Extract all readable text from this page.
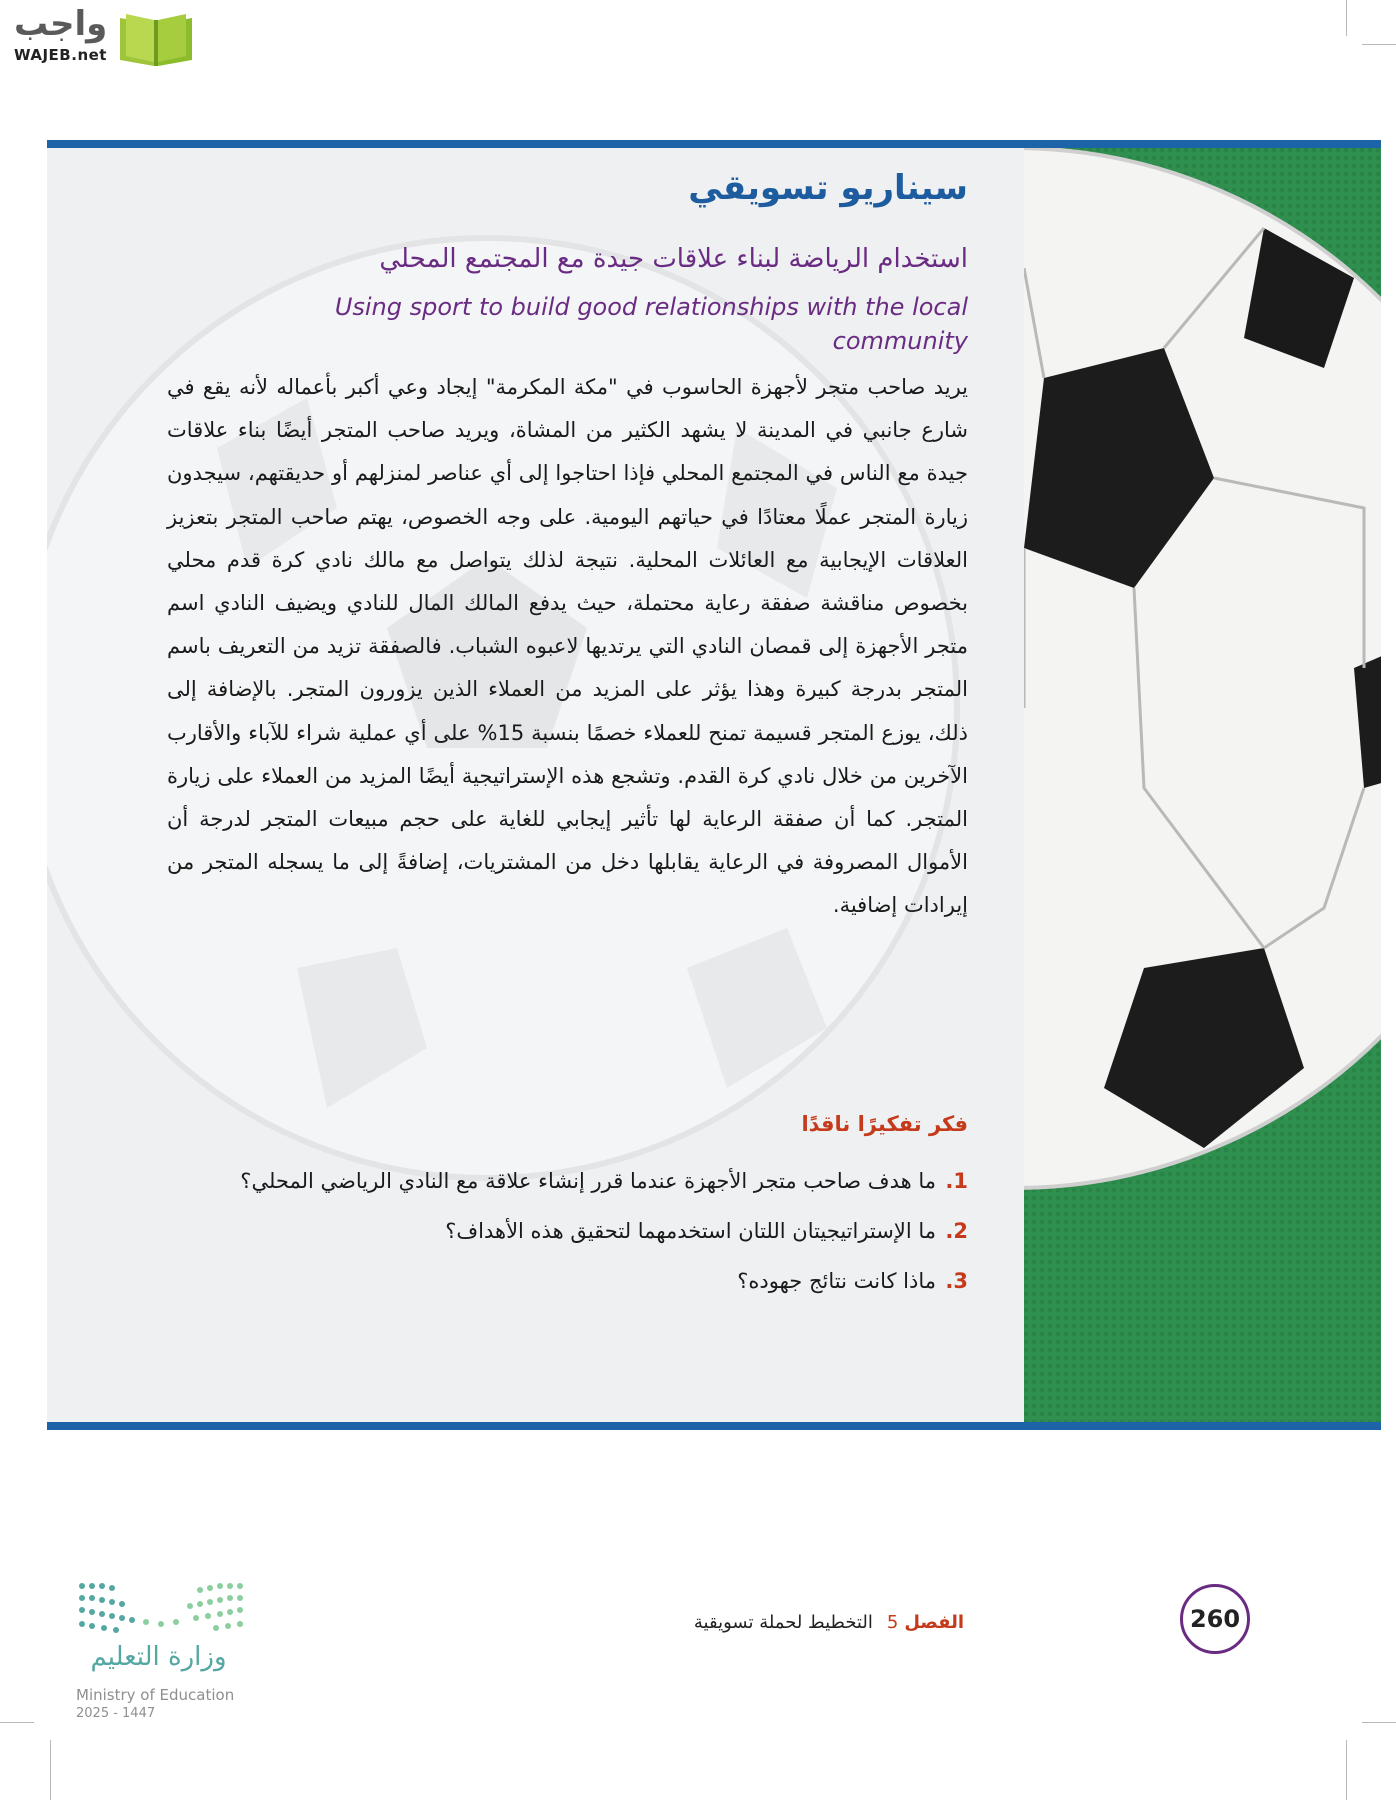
واجب
WAJEB.net
سيناريو تسويقي
استخدام الرياضة لبناء علاقات جيدة مع المجتمع المحلي
Using sport to build good relationships with the local community
يريد صاحب متجر لأجهزة الحاسوب في "مكة المكرمة" إيجاد وعي أكبر بأعماله لأنه يقع في شارع جانبي في المدينة لا يشهد الكثير من المشاة، ويريد صاحب المتجر أيضًا بناء علاقات جيدة مع الناس في المجتمع المحلي فإذا احتاجوا إلى أي عناصر لمنزلهم أو حديقتهم، سيجدون زيارة المتجر عملًا معتادًا في حياتهم اليومية. على وجه الخصوص، يهتم صاحب المتجر بتعزيز العلاقات الإيجابية مع العائلات المحلية. نتيجة لذلك يتواصل مع مالك نادي كرة قدم محلي بخصوص مناقشة صفقة رعاية محتملة، حيث يدفع المالك المال للنادي ويضيف النادي اسم متجر الأجهزة إلى قمصان النادي التي يرتديها لاعبوه الشباب. فالصفقة تزيد من التعريف باسم المتجر بدرجة كبيرة وهذا يؤثر على المزيد من العملاء الذين يزورون المتجر. بالإضافة إلى ذلك، يوزع المتجر قسيمة تمنح للعملاء خصمًا بنسبة 15% على أي عملية شراء للآباء والأقارب الآخرين من خلال نادي كرة القدم. وتشجع هذه الإستراتيجية أيضًا المزيد من العملاء على زيارة المتجر. كما أن صفقة الرعاية لها تأثير إيجابي للغاية على حجم مبيعات المتجر لدرجة أن الأموال المصروفة في الرعاية يقابلها دخل من المشتريات، إضافةً إلى ما يسجله المتجر من إيرادات إضافية.
فكر تفكيرًا ناقدًا
1.
ما هدف صاحب متجر الأجهزة عندما قرر إنشاء علاقة مع النادي الرياضي المحلي؟
2.
ما الإستراتيجيتان اللتان استخدمهما لتحقيق هذه الأهداف؟
3.
ماذا كانت نتائج جهوده؟
260
الفصل5التخطيط لحملة تسويقية
وزارة التعليم
Ministry of Education
2025 - 1447
